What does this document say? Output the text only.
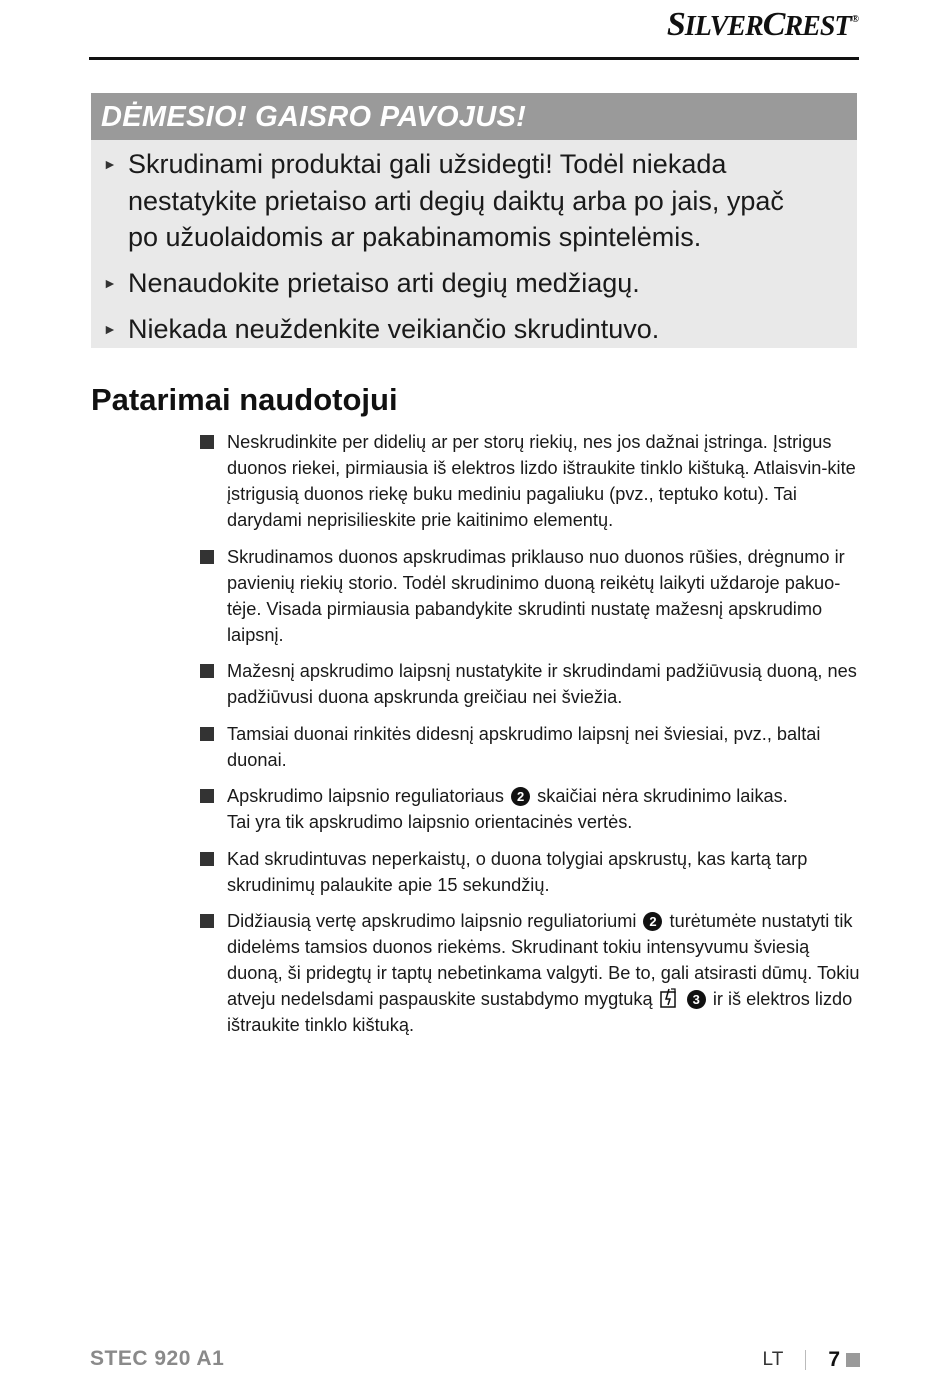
SILVERCREST®
DĖMESIO! GAISRO PAVOJUS!
► Skrudinami produktai gali užsidegti! Todėl niekada nestatykite prietaiso arti degių daiktų arba po jais, ypač po užuolaidomis ar pakabinamomis spintelėmis.
► Nenaudokite prietaiso arti degių medžiagų.
► Niekada neuždenkite veikiančio skrudintuvo.
Patarimai naudotojui
Neskrudinkite per didelių ar per storų riekių, nes jos dažnai įstringa. Įstrigus duonos riekei, pirmiausia iš elektros lizdo ištraukite tinklo kištuką. Atlaisvin-kite įstrigusią duonos riekę buku mediniu pagaliuku (pvz., teptuko kotu). Tai darydami neprisilieskite prie kaitinimo elementų.
Skrudinamos duonos apskrudimas priklauso nuo duonos rūšies, drėgnumo ir pavienių riekių storio. Todėl skrudinimo duoną reikėtų laikyti uždaroje pakuo-tėje. Visada pirmiausia pabandykite skrudinti nustatę mažesnį apskrudimo laipsnį.
Mažesnį apskrudimo laipsnį nustatykite ir skrudindami padžiūvusią duoną, nes padžiūvusi duona apskrunda greičiau nei šviežia.
Tamsiai duonai rinkitės didesnį apskrudimo laipsnį nei šviesiai, pvz., baltai duonai.
Apskrudimo laipsnio reguliatoriaus 2 skaičiai nėra skrudinimo laikas.
Tai yra tik apskrudimo laipsnio orientacinės vertės.
Kad skrudintuvas neperkaistų, o duona tolygiai apskrustų, kas kartą tarp skrudinimų palaukite apie 15 sekundžių.
Didžiausią vertę apskrudimo laipsnio reguliatoriumi 2 turėtumėte nustatyti tik didelėms tamsios duonos riekėms. Skrudinant tokiu intensyvumu šviesią duoną, ši pridegtų ir taptų nebetinkama valgyti. Be to, gali atsirasti dūmų. Tokiu atveju nedelsdami paspauskite sustabdymo mygtuką	3 ir iš elektros lizdo ištraukite tinklo kištuką.
STEC 920 A1	LT 7
